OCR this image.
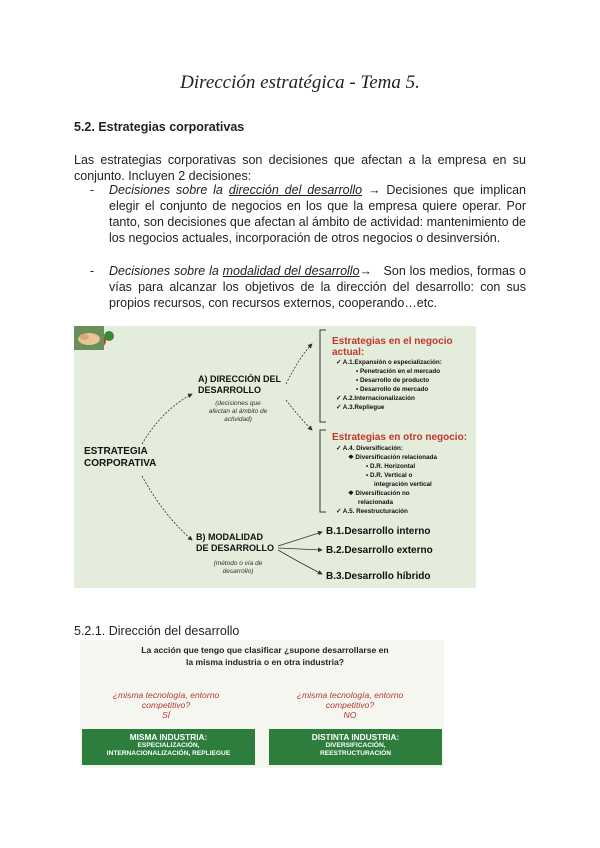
Dirección estratégica - Tema 5.
5.2. Estrategias corporativas

Las estrategias corporativas son decisiones que afectan a la empresa en su conjunto. Incluyen 2 decisiones:

- Decisiones sobre la dirección del desarrollo → Decisiones que implican elegir el conjunto de negocios en los que la empresa quiere operar. Por tanto, son decisiones que afectan al ámbito de actividad: mantenimiento de los negocios actuales, incorporación de otros negocios o desinversión.
- Decisiones sobre la modalidad del desarrollo→ Son los medios, formas o vías para alcanzar los objetivos de la dirección del desarrollo: con sus propios recursos, con recursos externos, cooperando…etc.
ESTRATEGIA
CORPORATIVA
A) DIRECCIÓN DEL
DESARROLLO
(decisiones que
afectan al ámbito de
actividad)
B) MODALIDAD
DE DESARROLLO
(método o vía de
desarrollo)
Estrategias en el negocio
actual:
✓ A.1.Expansión o especialización:
• Penetración en el mercado
• Desarrollo de producto
• Desarrollo de mercado
✓ A.2.Internacionalización
✓ A.3.Repliegue
Estrategias en otro negocio:
✓ A.4. Diversificación:
❖ Diversificación relacionada
• D.R. Horizontal
• D.R. Vertical o
integración vertical
❖ Diversificación no
relacionada
✓ A.5. Reestructuración
B.1.Desarrollo interno
B.2.Desarrollo externo
B.3.Desarrollo híbrido
5.2.1. Dirección del desarrollo
La acción que tengo que clasificar ¿supone desarrollarse en
la misma industria o en otra industria?
¿misma tecnología, entorno
competitivo?
SÍ
¿misma tecnología, entorno
competitivo?
NO
MISMA INDUSTRIA:
ESPECIALIZACIÓN,
INTERNACIONALIZACIÓN, REPLIEGUE
DISTINTA INDUSTRIA:
DIVERSIFICACIÓN,
REESTRUCTURACIÓN
